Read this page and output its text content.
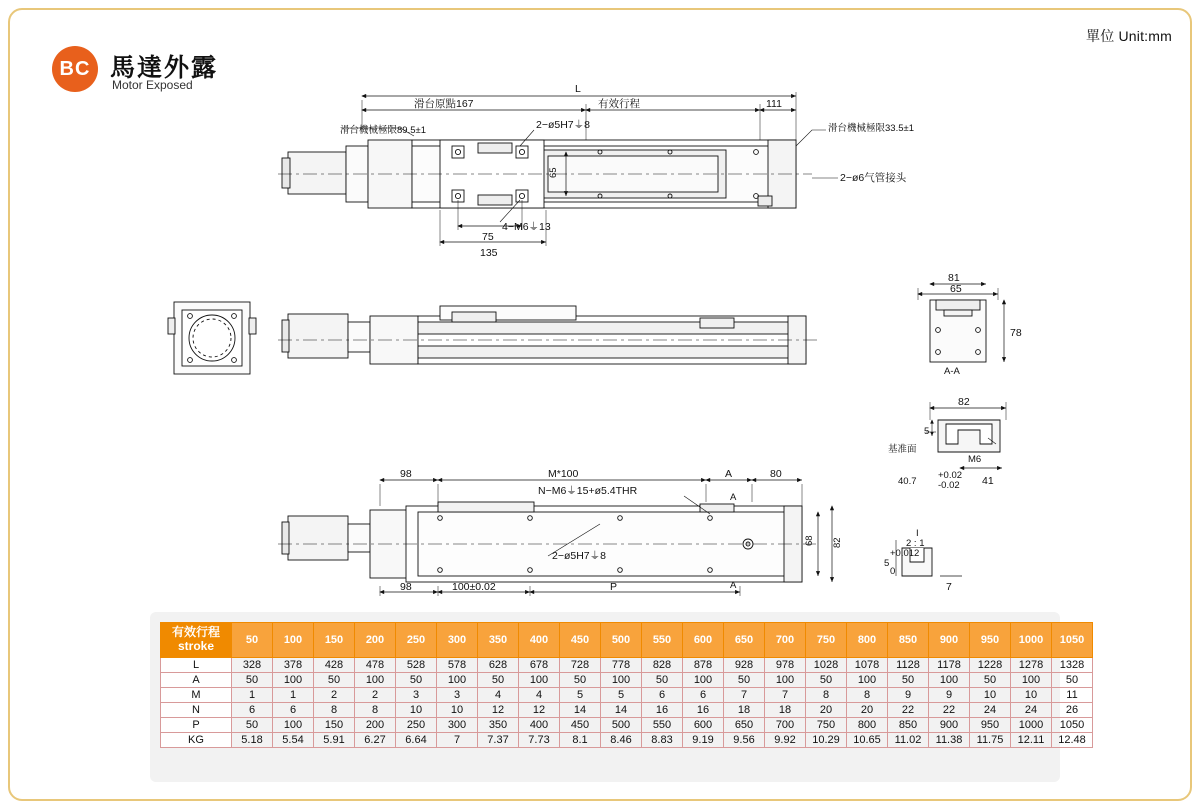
單位 Unit:mm
BC 馬達外露
Motor Exposed
滑台原點167	有效行程	111
L
滑台機械極限89.5±1	滑台機械極限33.5±1
2−ø5H7⏚8
2−ø6气管接头
4−M6⏚13
65
75
135
81
65
78
A-A
82
5
基准面
M6
40.7
+0.02
-0.02 41
I
2 : 1
5
+0.012
0
7
98	M*100	A	80
N−M6⏚15+ø5.4THR
2−ø5H7⏚8
98	100±0.02	P
68 82
A
A
有效行程
stroke	50	100	150	200	250	300	350	400	450	500	550	600	650	700	750	800	850	900	950	1000	1050
L	328	378	428	478	528	578	628	678	728	778	828	878	928	978	1028	1078	1128	1178	1228	1278	1328
A	50	100	50	100	50	100	50	100	50	100	50	100	50	100	50	100	50	100	50	100	50
M	1	1	2	2	3	3	4	4	5	5	6	6	7	7	8	8	9	9	10	10	11
N	6	6	8	8	10	10	12	12	14	14	16	16	18	18	20	20	22	22	24	24	26
P	50	100	150	200	250	300	350	400	450	500	550	600	650	700	750	800	850	900	950	1000	1050
KG	5.18	5.54	5.91	6.27	6.64	7	7.37	7.73	8.1	8.46	8.83	9.19	9.56	9.92	10.29	10.65	11.02	11.38	11.75	12.11	12.48
